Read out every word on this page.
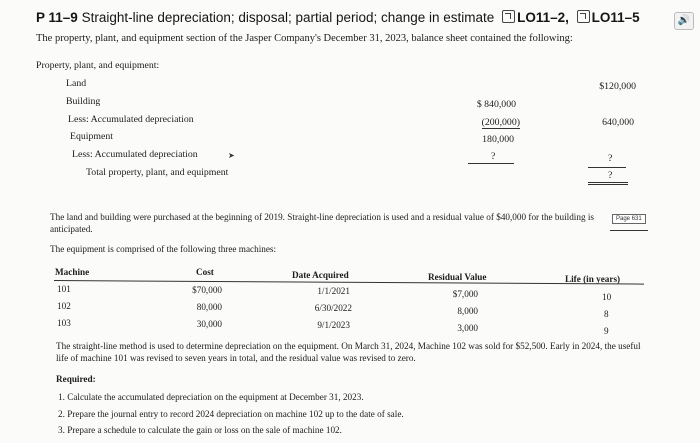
P 11–9 Straight-line depreciation; disposal; partial period; change in estimate LO11–2, LO11–5	🔊
The property, plant, and equipment section of the Jasper Company's December 31, 2023, balance sheet contained the following:
Property, plant, and equipment:
Land	$120,000
Building	$ 840,000
Less: Accumulated depreciation	(200,000)	640,000
Equipment	180,000
Less: Accumulated depreciation	➤	?	?
Total property, plant, and equipment	?
The land and building were purchased at the beginning of 2019. Straight-line depreciation is used and a residual value of $40,000 for the building is anticipated.
Page 631
The equipment is comprised of the following three machines:
Machine	Cost	Date Acquired	Residual Value	Life (in years)
101	$70,000	1/1/2021	$7,000	10
102	80,000	6/30/2022	8,000	8
103	30,000	9/1/2023	3,000	9
The straight-line method is used to determine depreciation on the equipment. On March 31, 2024, Machine 102 was sold for $52,500. Early in 2024, the useful life of machine 101 was revised to seven years in total, and the residual value was revised to zero.
Required:
1. Calculate the accumulated depreciation on the equipment at December 31, 2023.
2. Prepare the journal entry to record 2024 depreciation on machine 102 up to the date of sale.
3. Prepare a schedule to calculate the gain or loss on the sale of machine 102.
